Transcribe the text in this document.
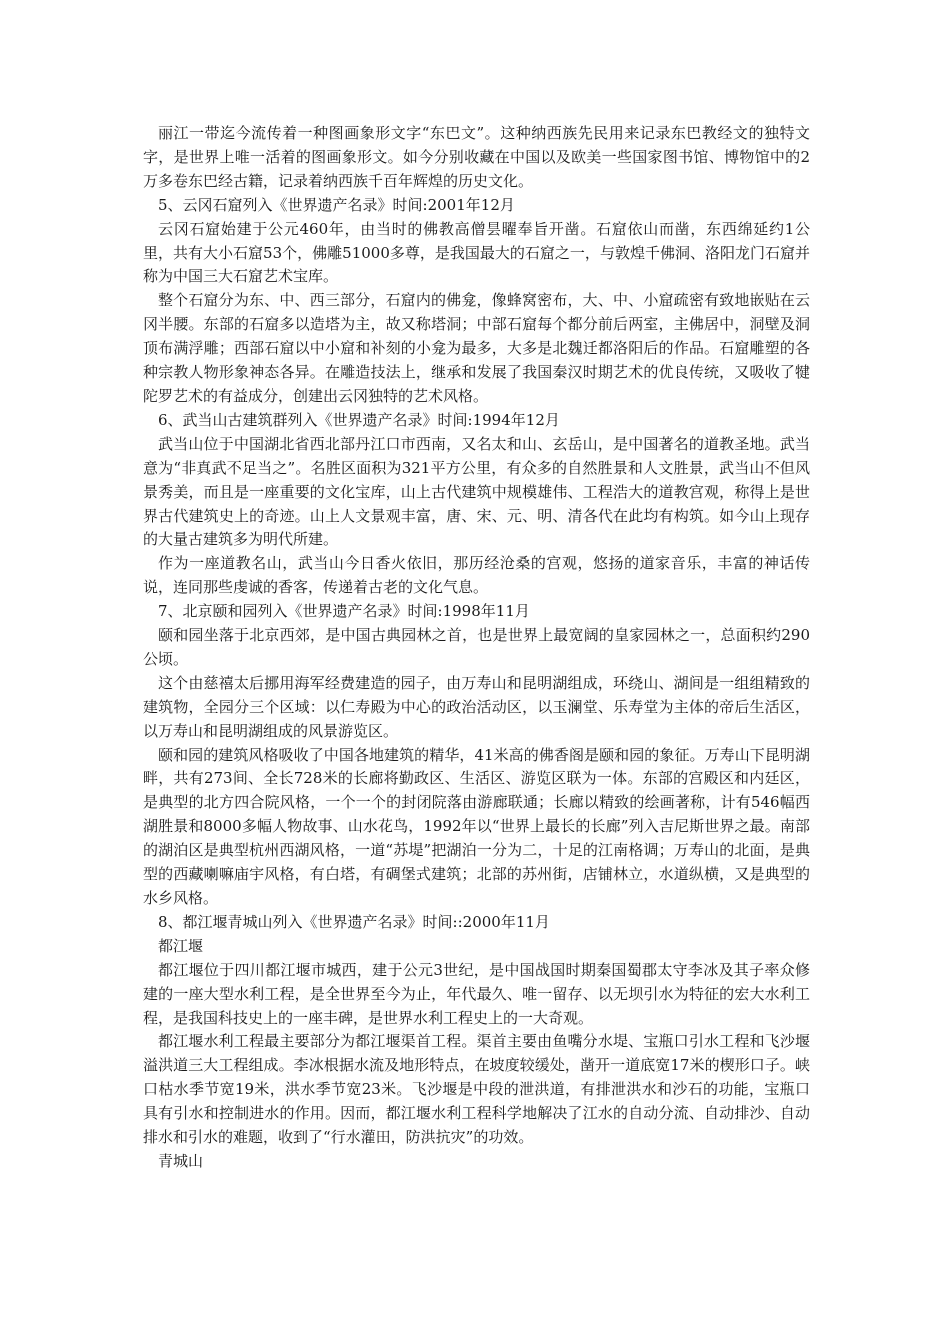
丽江一带迄今流传着一种图画象形文字“东巴文”。这种纳西族先民用来记录东巴教经文的独特文字，是世界上唯一活着的图画象形文。如今分别收藏在中国以及欧美一些国家图书馆、博物馆中的2万多卷东巴经古籍，记录着纳西族千百年辉煌的历史文化。

5、云冈石窟列入《世界遗产名录》时间:2001年12月

云冈石窟始建于公元460年，由当时的佛教高僧昙曜奉旨开凿。石窟依山而凿，东西绵延约1公里，共有大小石窟53个，佛雕51000多尊，是我国最大的石窟之一，与敦煌千佛洞、洛阳龙门石窟并称为中国三大石窟艺术宝库。

整个石窟分为东、中、西三部分，石窟内的佛龛，像蜂窝密布，大、中、小窟疏密有致地嵌贴在云冈半腰。东部的石窟多以造塔为主，故又称塔洞；中部石窟每个都分前后两室，主佛居中，洞壁及洞顶布满浮雕；西部石窟以中小窟和补刻的小龛为最多，大多是北魏迁都洛阳后的作品。石窟雕塑的各种宗教人物形象神态各异。在雕造技法上，继承和发展了我国秦汉时期艺术的优良传统，又吸收了犍陀罗艺术的有益成分，创建出云冈独特的艺术风格。

6、武当山古建筑群列入《世界遗产名录》时间:1994年12月

武当山位于中国湖北省西北部丹江口市西南，又名太和山、玄岳山，是中国著名的道教圣地。武当意为“非真武不足当之”。名胜区面积为321平方公里，有众多的自然胜景和人文胜景，武当山不但风景秀美，而且是一座重要的文化宝库，山上古代建筑中规模雄伟、工程浩大的道教宫观，称得上是世界古代建筑史上的奇迹。山上人文景观丰富，唐、宋、元、明、清各代在此均有构筑。如今山上现存的大量古建筑多为明代所建。

作为一座道教名山，武当山今日香火依旧，那历经沧桑的宫观，悠扬的道家音乐，丰富的神话传说，连同那些虔诚的香客，传递着古老的文化气息。

7、北京颐和园列入《世界遗产名录》时间:1998年11月

颐和园坐落于北京西郊，是中国古典园林之首，也是世界上最宽阔的皇家园林之一，总面积约290公顷。

这个由慈禧太后挪用海军经费建造的园子，由万寿山和昆明湖组成，环绕山、湖间是一组组精致的建筑物，全园分三个区域：以仁寿殿为中心的政治活动区，以玉澜堂、乐寿堂为主体的帝后生活区，以万寿山和昆明湖组成的风景游览区。

颐和园的建筑风格吸收了中国各地建筑的精华，41米高的佛香阁是颐和园的象征。万寿山下昆明湖畔，共有273间、全长728米的长廊将勤政区、生活区、游览区联为一体。东部的宫殿区和内廷区，是典型的北方四合院风格，一个一个的封闭院落由游廊联通；长廊以精致的绘画著称，计有546幅西湖胜景和8000多幅人物故事、山水花鸟，1992年以“世界上最长的长廊”列入吉尼斯世界之最。南部的湖泊区是典型杭州西湖风格，一道“苏堤”把湖泊一分为二，十足的江南格调；万寿山的北面，是典型的西藏喇嘛庙宇风格，有白塔，有碉堡式建筑；北部的苏州街，店铺林立，水道纵横，又是典型的水乡风格。

8、都江堰青城山列入《世界遗产名录》时间::2000年11月

都江堰

都江堰位于四川都江堰市城西，建于公元3世纪，是中国战国时期秦国蜀郡太守李冰及其子率众修建的一座大型水利工程，是全世界至今为止，年代最久、唯一留存、以无坝引水为特征的宏大水利工程，是我国科技史上的一座丰碑，是世界水利工程史上的一大奇观。

都江堰水利工程最主要部分为都江堰渠首工程。渠首主要由鱼嘴分水堤、宝瓶口引水工程和飞沙堰溢洪道三大工程组成。李冰根据水流及地形特点，在坡度较缓处，凿开一道底宽17米的楔形口子。峡口枯水季节宽19米，洪水季节宽23米。飞沙堰是中段的泄洪道，有排泄洪水和沙石的功能，宝瓶口具有引水和控制进水的作用。因而，都江堰水利工程科学地解决了江水的自动分流、自动排沙、自动排水和引水的难题，收到了“行水灌田，防洪抗灾”的功效。

青城山
